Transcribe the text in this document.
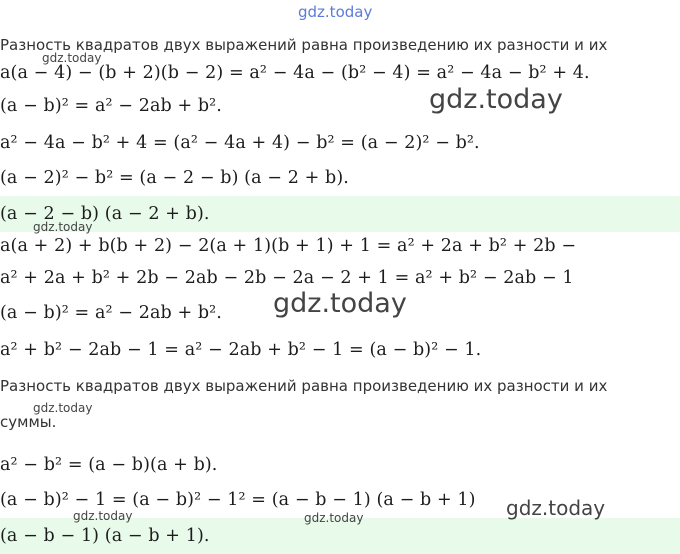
gdz.today
Разность квадратов двух выражений равна произведению их разности и их
a(a − 4) − (b + 2)(b − 2) = a² − 4a − (b² − 4) = a² − 4a − b² + 4.
(a − b)² = a² − 2ab + b².
a² − 4a − b² + 4 = (a² − 4a + 4) − b² = (a − 2)² − b².
(a − 2)² − b² = (a − 2 − b) (a − 2 + b).
(a − 2 − b) (a − 2 + b).
a(a + 2) + b(b + 2) − 2(a + 1)(b + 1) + 1 = a² + 2a + b² + 2b −
a² + 2a + b² + 2b − 2ab − 2b − 2a − 2 + 1 = a² + b² − 2ab − 1
(a − b)² = a² − 2ab + b².
a² + b² − 2ab − 1 = a² − 2ab + b² − 1 = (a − b)² − 1.
Разность квадратов двух выражений равна произведению их разности и их
суммы.
a² − b² = (a − b)(a + b).
(a − b)² − 1 = (a − b)² − 1² = (a − b − 1) (a − b + 1)
(a − b − 1) (a − b + 1).
gdz.today
gdz.today
gdz.today
gdz.today
gdz.today
gdz.today	gdz.today	gdz.today
